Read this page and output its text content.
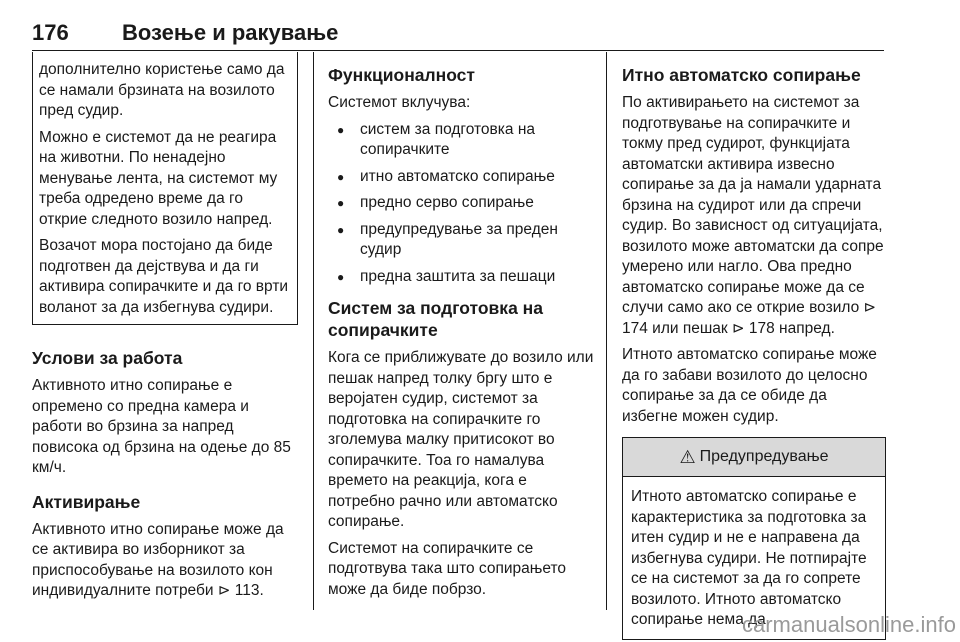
176 Возење и ракување

дополнително користење само да се намали брзината на возилото пред судир.

Можно е системот да не реагира на животни. По ненадејно менување лента, на системот му треба одредено време да го открие следното возило напред.

Возачот мора постојано да биде подготвен да дејствува и да ги активира сопирачките и да го врти воланот за да избегнува судири.

Услови за работа

Активното итно сопирање е опремено со предна камера и работи во брзина за напред повисока од брзина на одење до 85 км/ч.

Активирање

Активното итно сопирање може да се активира во изборникот за приспособување на возилото кон индивидуалните потреби ⊳ 113.

Функционалност

Системот вклучува:

● систем за подготовка на сопирачките
● итно автоматско сопирање
● предно серво сопирање
● предупредување за преден судир
● предна заштита за пешаци
Систем за подготовка на сопирачките

Кога се приближувате до возило или пешак напред толку бргу што е веројатен судир, системот за подготовка на сопирачките го зголемува малку притисокот во сопирачките. Тоа го намалува времето на реакција, кога е потребно рачно или автоматско сопирање.

Системот на сопирачките се подготвува така што сопирањето може да биде побрзо.

Итно автоматско сопирање

По активирањето на системот за подготвување на сопирачките и токму пред судирот, функцијата автоматски активира извесно сопирање за да ја намали ударната брзина на судирот или да спречи судир. Во зависност од ситуацијата, возилото може автоматски да сопре умерено или нагло. Ова предно автоматско сопирање може да се случи само ако се открие возило ⊳ 174 или пешак ⊳ 178 напред.

Итното автоматско сопирање може да го забави возилото до целосно сопирање за да се обиде да избегне можен судир.

⚠ Предупредување

Итното автоматско сопирање е карактеристика за подготовка за итен судир и не е направена да избегнува судири. Не потпирајте се на системот за да го сопрете возилото. Итното автоматско сопирање нема да

carmanualsonline.info
